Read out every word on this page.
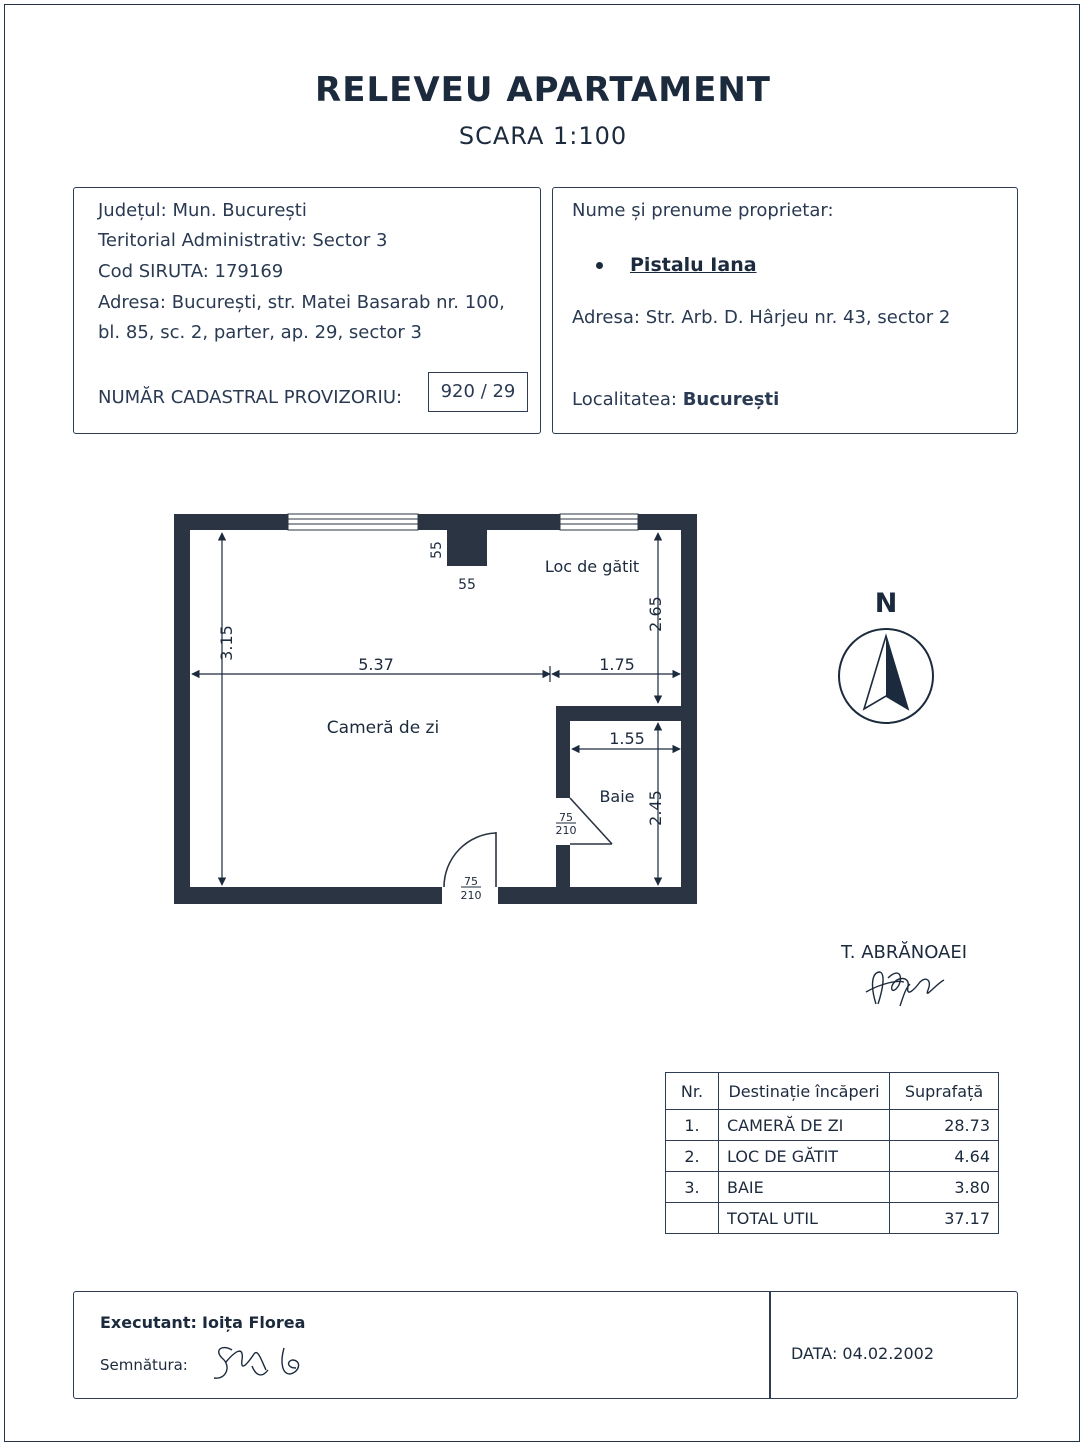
RELEVEU APARTAMENT
SCARA 1:100
Județul: Mun. București
Teritorial Administrativ: Sector 3
Cod SIRUTA: 179169
Adresa: București, str. Matei Basarab nr. 100,
bl. 85, sc. 2, parter, ap. 29, sector 3
NUMĂR CADASTRAL PROVIZORIU:	920 / 29
Nume și prenume proprietar:
Pistalu Iana
Adresa: Str. Arb. D. Hârjeu nr. 43, sector 2
Localitatea: București
3.15
5.37	1.75
2.65
1.55
2.45
55
55
Loc de gătit
Cameră de zi
Baie
75
210
75
210
N
T. ABRĂNOAEI
Nr.	Destinație încăperi	Suprafață
1.	CAMERĂ DE ZI	28.73
2.	LOC DE GĂTIT	4.64
3.	BAIE	3.80
	TOTAL UTIL	37.17
Executant: Ioița Florea
Semnătura:
DATA: 04.02.2002
